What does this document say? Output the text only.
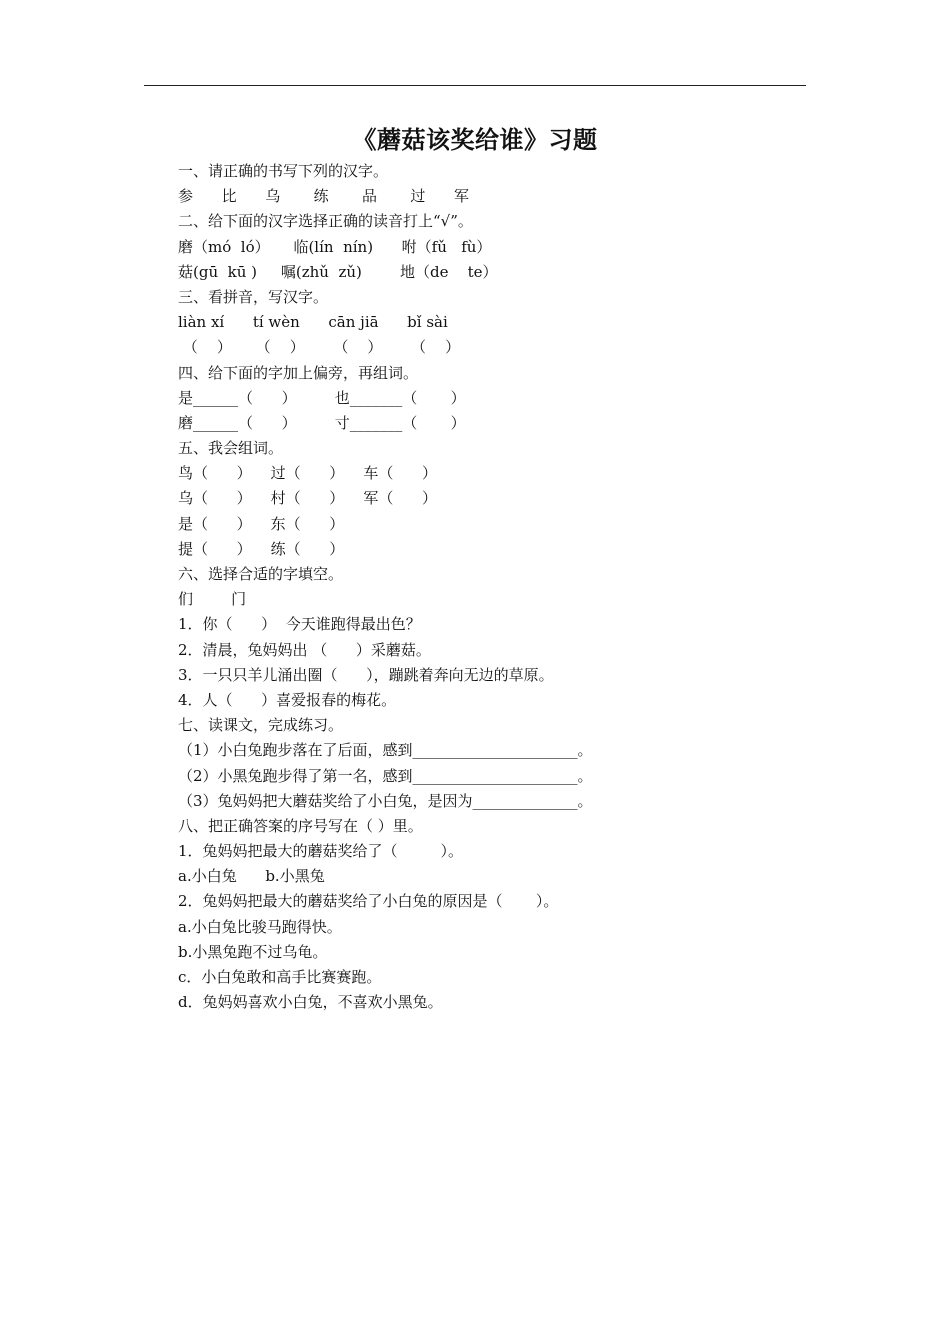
《蘑菇该奖给谁》习题
一、请正确的书写下列的汉字。
参      比      乌       练       品       过      军
二、给下面的汉字选择正确的读音打上“√”。
磨（mó  ló）     临(lín  nín)      咐（fǔ   fù）
菇(gū  kū )     嘱(zhǔ  zǔ)        地（de    te）
三、看拼音，写汉字。
liàn xí      tí wèn      cān jiā      bǐ sài
（    ）     （    ）      （    ）      （    ）
四、给下面的字加上偏旁，再组词。
是______（      ）        也_______（       ）
磨______（      ）        寸_______（       ）
五、我会组词。
鸟（      ）    过（      ）    车（      ）
乌（      ）    村（      ）    军（      ）
是（      ）    东（      ）
提（      ）    练（      ）
六、选择合适的字填空。
们        门
1．你（      ）  今天谁跑得最出色？
2．清晨，兔妈妈出 （      ）采蘑菇。
3．一只只羊儿涌出圈（      ），蹦跳着奔向无边的草原。
4．人（      ）喜爱报春的梅花。
七、读课文，完成练习。
（1）小白兔跑步落在了后面，感到______________________。
（2）小黑兔跑步得了第一名，感到______________________。
（3）兔妈妈把大蘑菇奖给了小白兔，是因为______________。
八、把正确答案的序号写在（ ）里。
1．兔妈妈把最大的蘑菇奖给了（         ）。
a.小白兔      b.小黑兔
2．兔妈妈把最大的蘑菇奖给了小白兔的原因是（       ）。
a.小白兔比骏马跑得快。
b.小黑兔跑不过乌龟。
c．小白兔敢和高手比赛赛跑。
d．兔妈妈喜欢小白兔，不喜欢小黑兔。
